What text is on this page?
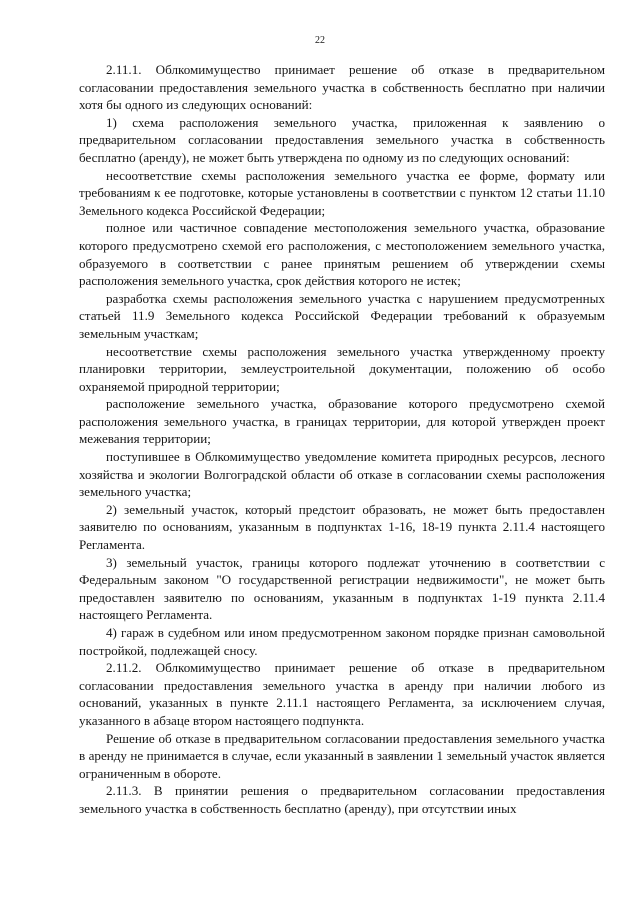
22

2.11.1. Облкомимущество принимает решение об отказе в предварительном согласовании предоставления земельного участка в собственность бесплатно при наличии хотя бы одного из следующих оснований:

1) схема расположения земельного участка, приложенная к заявлению о предварительном согласовании предоставления земельного участка в собственность бесплатно (аренду), не может быть утверждена по одному из по следующих оснований:

несоответствие схемы расположения земельного участка ее форме, формату или требованиям к ее подготовке, которые установлены в соответствии с пунктом 12 статьи 11.10 Земельного кодекса Российской Федерации;

полное или частичное совпадение местоположения земельного участка, образование которого предусмотрено схемой его расположения, с местоположением земельного участка, образуемого в соответствии с ранее принятым решением об утверждении схемы расположения земельного участка, срок действия которого не истек;

разработка схемы расположения земельного участка с нарушением предусмотренных статьей 11.9 Земельного кодекса Российской Федерации требований к образуемым земельным участкам;

несоответствие схемы расположения земельного участка утвержденному проекту планировки территории, землеустроительной документации, положению об особо охраняемой природной территории;

расположение земельного участка, образование которого предусмотрено схемой расположения земельного участка, в границах территории, для которой утвержден проект межевания территории;

поступившее в Облкомимущество уведомление комитета природных ресурсов, лесного хозяйства и экологии Волгоградской области об отказе в согласовании схемы расположения земельного участка;

2) земельный участок, который предстоит образовать, не может быть предоставлен заявителю по основаниям, указанным в подпунктах 1-16, 18-19 пункта 2.11.4 настоящего Регламента.

3) земельный участок, границы которого подлежат уточнению в соответствии с Федеральным законом "О государственной регистрации недвижимости", не может быть предоставлен заявителю по основаниям, указанным в подпунктах 1-19 пункта 2.11.4 настоящего Регламента.

4) гараж в судебном или ином предусмотренном законом порядке признан самовольной постройкой, подлежащей сносу.

2.11.2. Облкомимущество принимает решение об отказе в предварительном согласовании предоставления земельного участка в аренду при наличии любого из оснований, указанных в пункте 2.11.1 настоящего Регламента, за исключением случая, указанного в абзаце втором настоящего подпункта.

Решение об отказе в предварительном согласовании предоставления земельного участка в аренду не принимается в случае, если указанный в заявлении 1 земельный участок является ограниченным в обороте.

2.11.3. В принятии решения о предварительном согласовании предоставления земельного участка в собственность бесплатно (аренду), при отсутствии иных
